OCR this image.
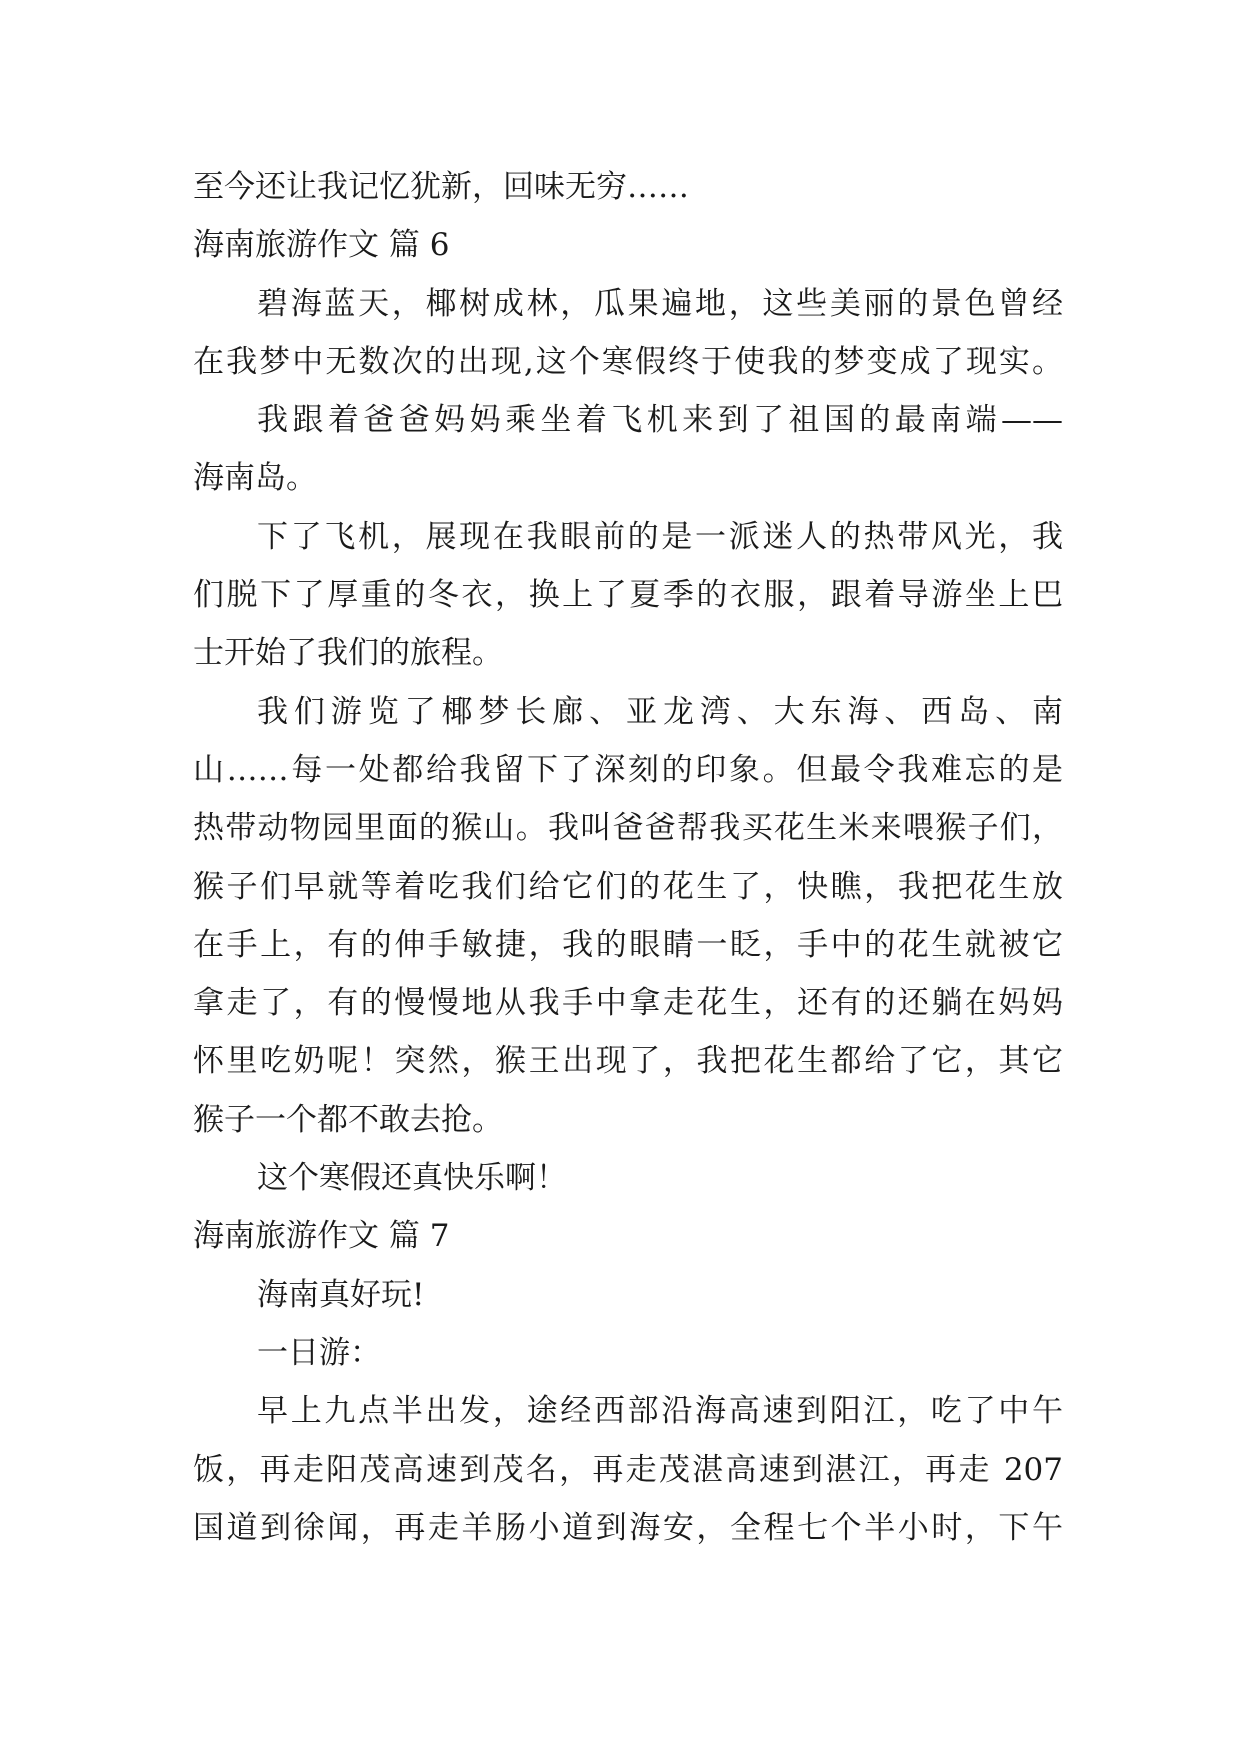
至今还让我记忆犹新，回味无穷……
海南旅游作文 篇 6
碧海蓝天，椰树成林，瓜果遍地，这些美丽的景色曾经
在我梦中无数次的出现,这个寒假终于使我的梦变成了现实。
我跟着爸爸妈妈乘坐着飞机来到了祖国的最南端——
海南岛。
下了飞机，展现在我眼前的是一派迷人的热带风光，我
们脱下了厚重的冬衣，换上了夏季的衣服，跟着导游坐上巴
士开始了我们的旅程。
我们游览了椰梦长廊、亚龙湾、大东海、西岛、南
山……每一处都给我留下了深刻的印象。但最令我难忘的是
热带动物园里面的猴山。我叫爸爸帮我买花生米来喂猴子们，
猴子们早就等着吃我们给它们的花生了，快瞧，我把花生放
在手上，有的伸手敏捷，我的眼睛一眨，手中的花生就被它
拿走了，有的慢慢地从我手中拿走花生，还有的还躺在妈妈
怀里吃奶呢！突然，猴王出现了，我把花生都给了它，其它
猴子一个都不敢去抢。
这个寒假还真快乐啊！
海南旅游作文 篇 7
海南真好玩!
一日游：
早上九点半出发，途经西部沿海高速到阳江，吃了中午
饭，再走阳茂高速到茂名，再走茂湛高速到湛江，再走 207
国道到徐闻，再走羊肠小道到海安，全程七个半小时，下午
